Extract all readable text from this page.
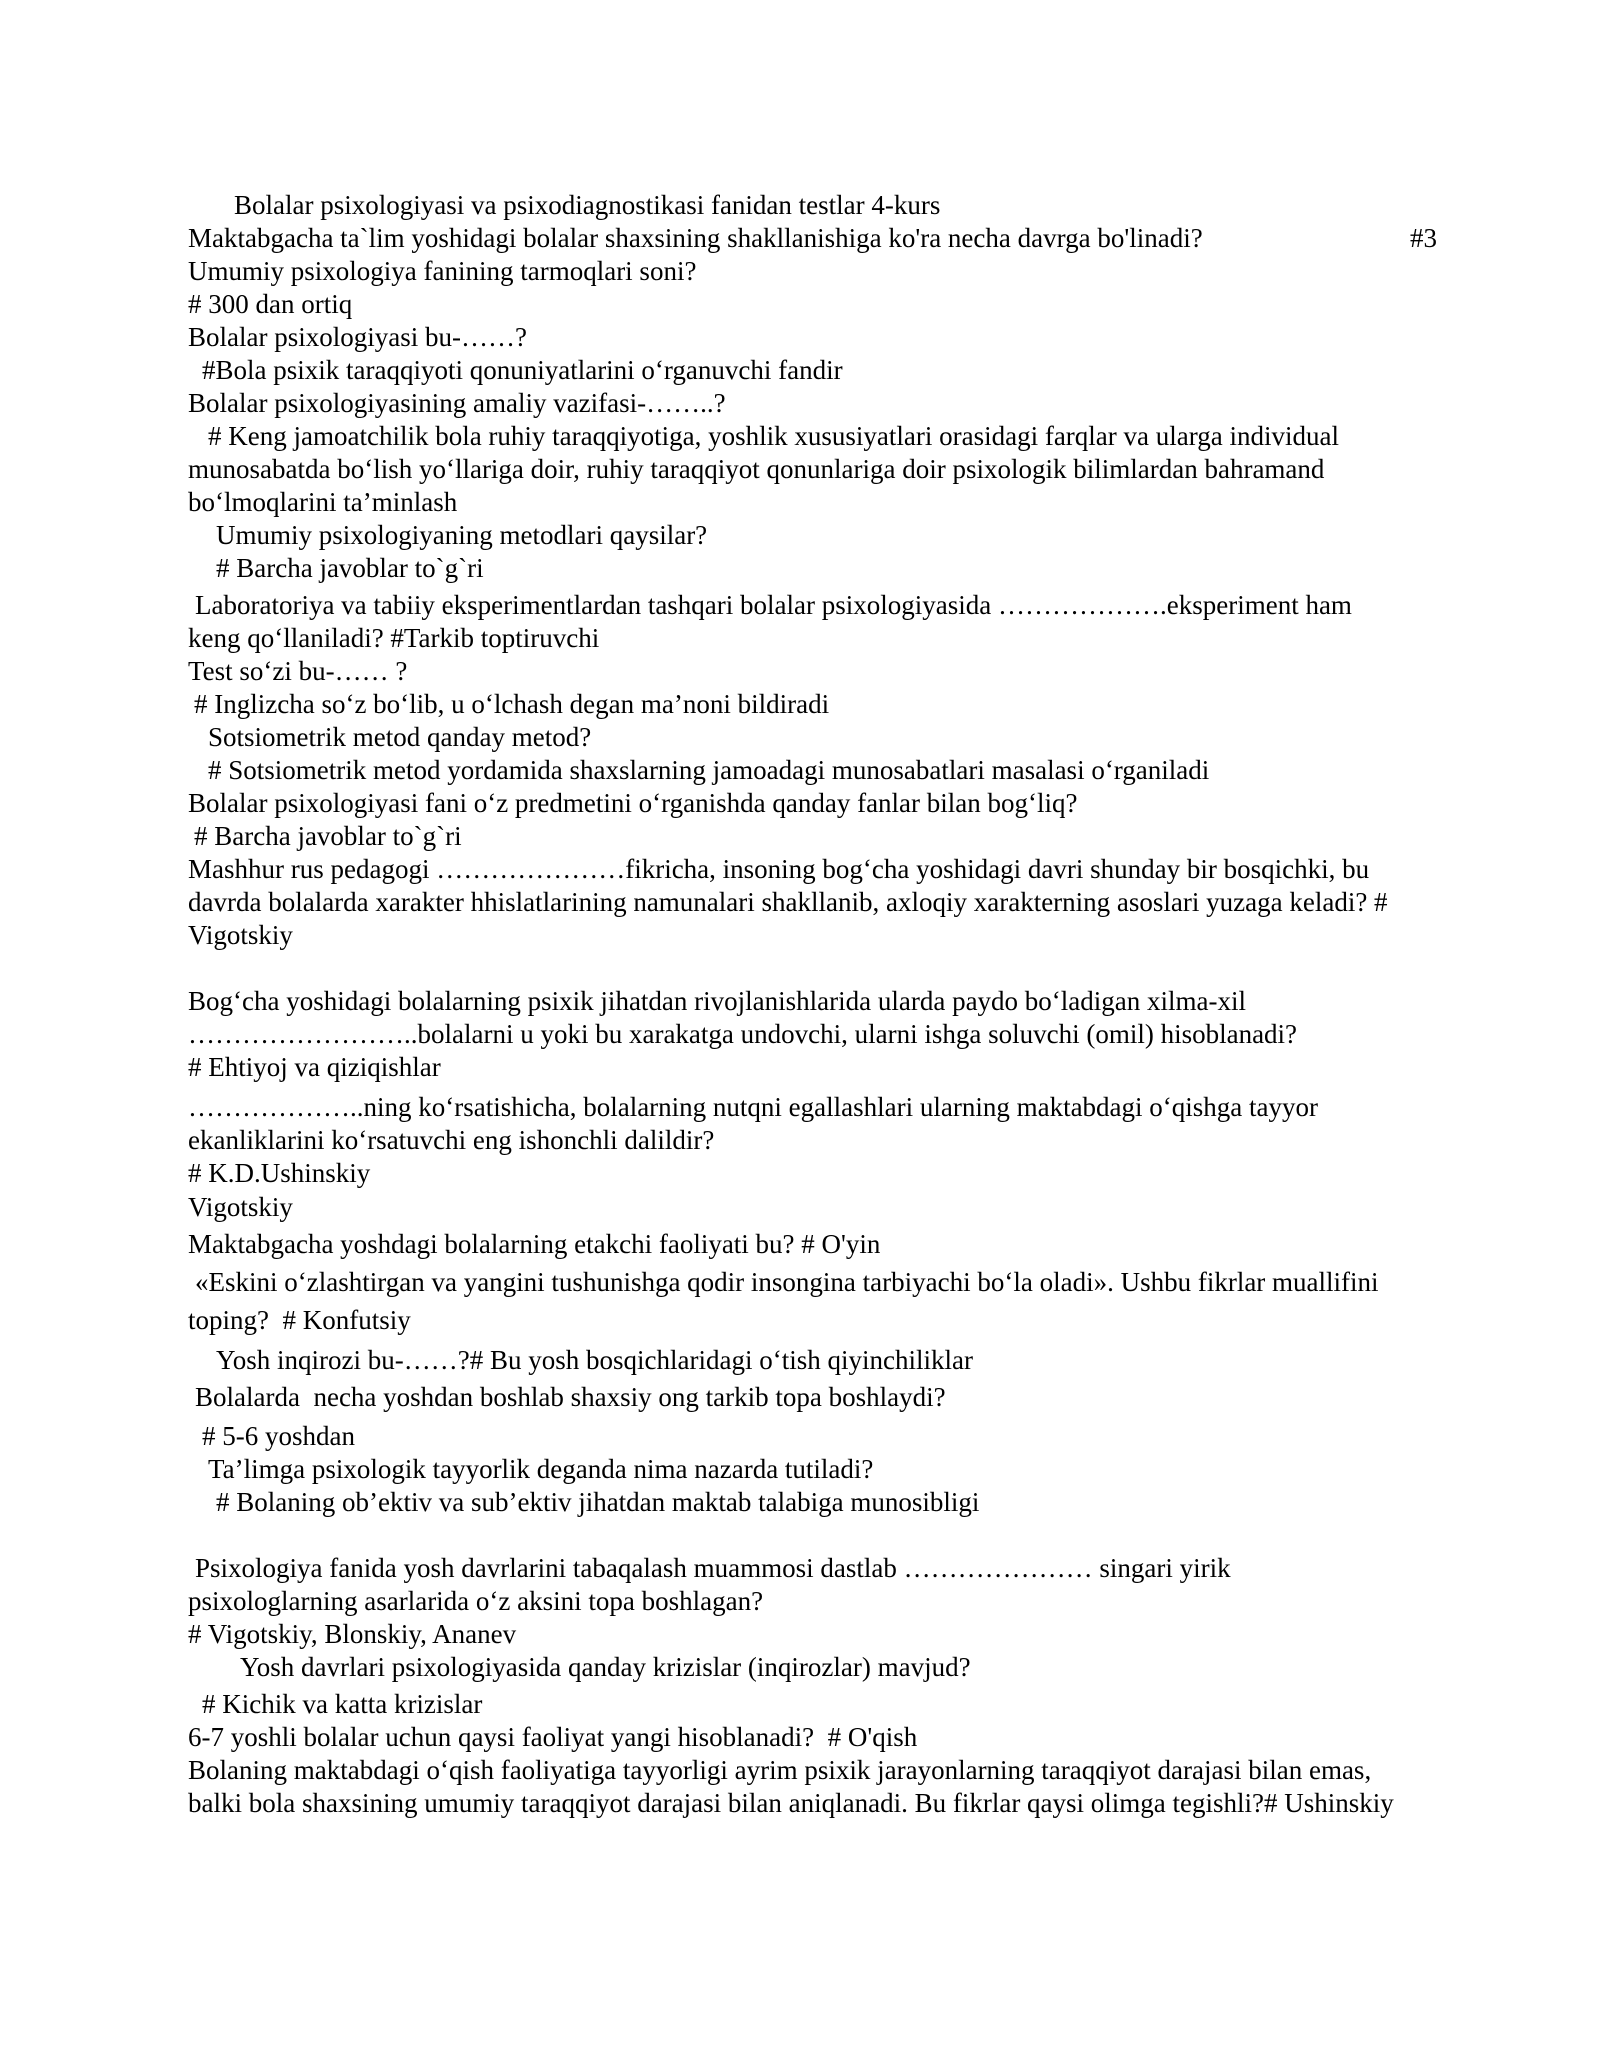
Bolalar psixologiyasi va psixodiagnostikasi fanidan testlar 4-kurs
Maktabgacha ta`lim yoshidagi bolalar shaxsining shakllanishiga ko'ra necha davrga bo'linadi?	#3
Umumiy psixologiya fanining tarmoqlari soni?
# 300 dan ortiq
Bolalar psixologiyasi bu-……?
#Bola psixik taraqqiyoti qonuniyatlarini o‘rganuvchi fandir
Bolalar psixologiyasining amaliy vazifasi-……..?
# Keng jamoatchilik bola ruhiy taraqqiyotiga, yoshlik xususiyatlari orasidagi farqlar va ularga individual
munosabatda bo‘lish yo‘llariga doir, ruhiy taraqqiyot qonunlariga doir psixologik bilimlardan bahramand
bo‘lmoqlarini ta’minlash
Umumiy psixologiyaning metodlari qaysilar?
# Barcha javoblar to`g`ri
Laboratoriya va tabiiy eksperimentlardan tashqari bolalar psixologiyasida ……………….eksperiment ham
keng qo‘llaniladi? #Tarkib toptiruvchi
Test so‘zi bu-…… ?
# Inglizcha so‘z bo‘lib, u o‘lchash degan ma’noni bildiradi
Sotsiometrik metod qanday metod?
# Sotsiometrik metod yordamida shaxslarning jamoadagi munosabatlari masalasi o‘rganiladi
Bolalar psixologiyasi fani o‘z predmetini o‘rganishda qanday fanlar bilan bog‘liq?
# Barcha javoblar to`g`ri
Mashhur rus pedagogi …………………fikricha, insoning bog‘cha yoshidagi davri shunday bir bosqichki, bu
davrda bolalarda xarakter hhislatlarining namunalari shakllanib, axloqiy xarakterning asoslari yuzaga keladi? #
Vigotskiy
Bog‘cha yoshidagi bolalarning psixik jihatdan rivojlanishlarida ularda paydo bo‘ladigan xilma-xil
……………………..bolalarni u yoki bu xarakatga undovchi, ularni ishga soluvchi (omil) hisoblanadi?
# Ehtiyoj va qiziqishlar
………………..ning ko‘rsatishicha, bolalarning nutqni egallashlari ularning maktabdagi o‘qishga tayyor
ekanliklarini ko‘rsatuvchi eng ishonchli dalildir?
# K.D.Ushinskiy
Vigotskiy
Maktabgacha yoshdagi bolalarning etakchi faoliyati bu? # O'yin
«Eskini o‘zlashtirgan va yangini tushunishga qodir insongina tarbiyachi bo‘la oladi». Ushbu fikrlar muallifini
toping?  # Konfutsiy
Yosh inqirozi bu-……?# Bu yosh bosqichlaridagi o‘tish qiyinchiliklar
Bolalarda  necha yoshdan boshlab shaxsiy ong tarkib topa boshlaydi?
# 5-6 yoshdan
Ta’limga psixologik tayyorlik deganda nima nazarda tutiladi?
# Bolaning ob’ektiv va sub’ektiv jihatdan maktab talabiga munosibligi
Psixologiya fanida yosh davrlarini tabaqalash muammosi dastlab ………………… singari yirik
psixologlarning asarlarida o‘z aksini topa boshlagan?
# Vigotskiy, Blonskiy, Ananev
Yosh davrlari psixologiyasida qanday krizislar (inqirozlar) mavjud?
# Kichik va katta krizislar
6-7 yoshli bolalar uchun qaysi faoliyat yangi hisoblanadi?  # O'qish
Bolaning maktabdagi o‘qish faoliyatiga tayyorligi ayrim psixik jarayonlarning taraqqiyot darajasi bilan emas,
balki bola shaxsining umumiy taraqqiyot darajasi bilan aniqlanadi. Bu fikrlar qaysi olimga tegishli?# Ushinskiy
